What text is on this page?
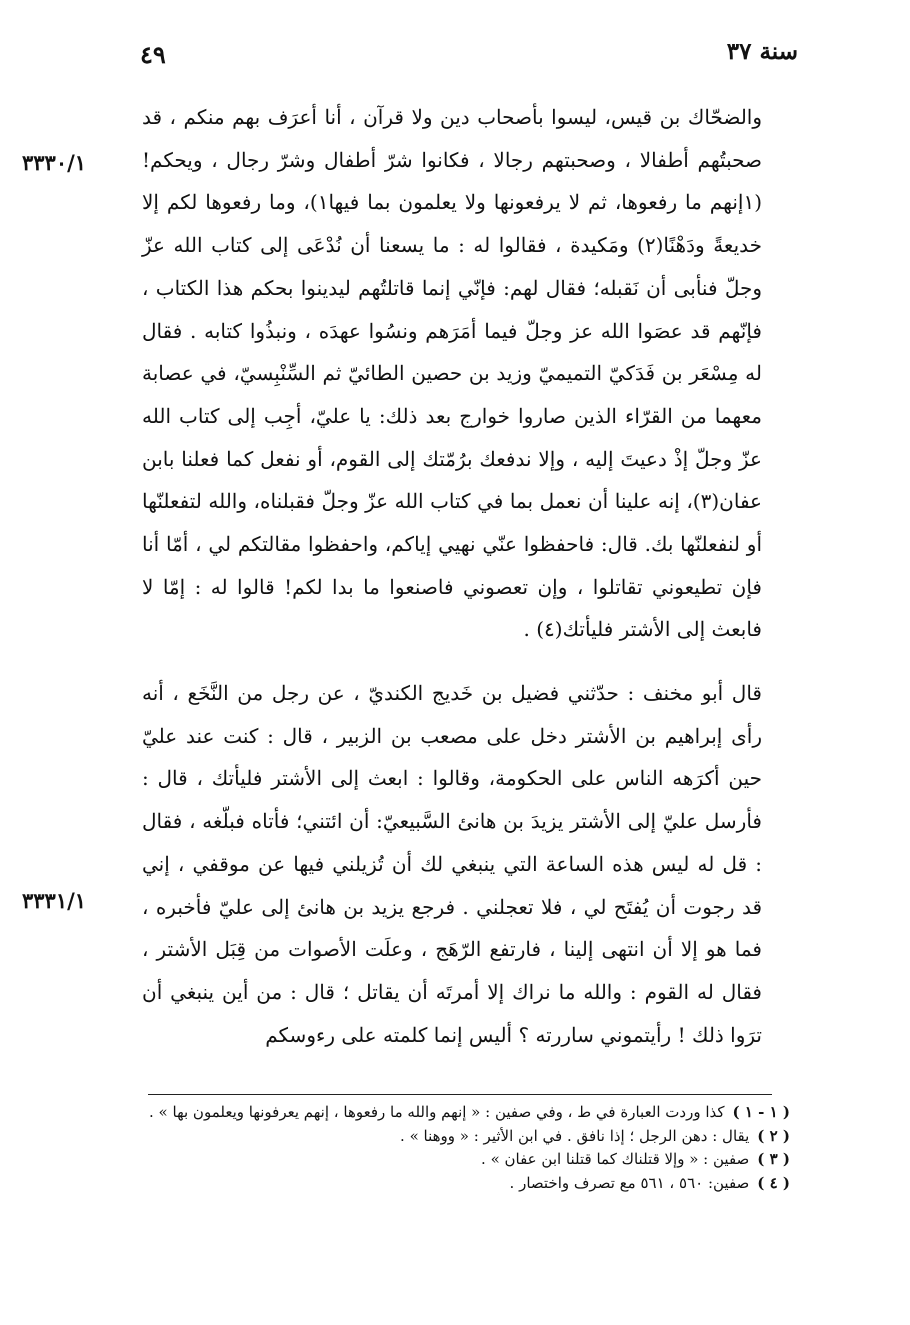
سنة ٣٧
٤٩
٣٣٣٠/١
٣٣٣١/١

والضحّاك بن قيس، ليسوا بأصحاب دين ولا قرآن ، أنا أعرَف بهم منكم ، قد صحبتُهم أطفالا ، وصحبتهم رجالا ، فكانوا شرّ أطفال وشرّ رجال ، ويحكم! (١إنهم ما رفعوها، ثم لا يرفعونها ولا يعلمون بما فيها١)، وما رفعوها لكم إلا خديعةً ودَهْنًا(٢) ومَكيدة ، فقالوا له : ما يسعنا أن نُدْعَى إلى كتاب الله عزّ وجلّ فنأبى أن نَقبله؛ فقال لهم: فإنّي إنما قاتلتُهم ليدينوا بحكم هذا الكتاب ، فإنّهم قد عصَوا الله عز وجلّ فيما أمَرَهم ونسُوا عهدَه ، ونبذُوا كتابه . فقال له مِسْعَر بن فَدَكيّ التميميّ وزيد بن حصين الطائيّ ثم السِّنْبِسيّ، في عصابة معهما من القرّاء الذين صاروا خوارج بعد ذلك: يا عليّ، أجِب إلى كتاب الله عزّ وجلّ إذْ دعيتَ إليه ، وإلا ندفعك برُمّتك إلى القوم، أو نفعل كما فعلنا بابن عفان(٣)، إنه علينا أن نعمل بما في كتاب الله عزّ وجلّ فقبلناه، والله لتفعلنّها أو لنفعلنّها بك. قال: فاحفظوا عنّي نهيي إياكم، واحفظوا مقالتكم لي ، أمّا أنا فإن تطيعوني تقاتلوا ، وإن تعصوني فاصنعوا ما بدا لكم! قالوا له : إمّا لا فابعث إلى الأشتر فليأتك(٤) .

قال أبو مخنف : حدّثني فضيل بن خَديج الكنديّ ، عن رجل من النَّخَع ، أنه رأى إبراهيم بن الأشتر دخل على مصعب بن الزبير ، قال : كنت عند عليّ حين أكرَهه الناس على الحكومة، وقالوا : ابعث إلى الأشتر فليأتك ، قال : فأرسل عليّ إلى الأشتر يزيدَ بن هانئ السَّبيعيّ: أن ائتني؛ فأتاه فبلّغه ، فقال : قل له ليس هذه الساعة التي ينبغي لك أن تُزيلني فيها عن موقفي ، إني قد رجوت أن يُفتَح لي ، فلا تعجلني . فرجع يزيد بن هانئ إلى عليّ فأخبره ، فما هو إلا أن انتهى إلينا ، فارتفع الرّهَج ، وعلَت الأصوات من قِبَل الأشتر ، فقال له القوم : والله ما نراك إلا أمرتَه أن يقاتل ؛ قال : من أين ينبغي أن ترَوا ذلك ! رأيتموني ساررته ؟ أليس إنما كلمته على رءوسكم

( ١ - ١ )كذا وردت العبارة في ط ، وفي صفين : « إنهم والله ما رفعوها ، إنهم يعرفونها ويعلمون بها » .
( ٢ )يقال : دهن الرجل ؛ إذا نافق . في ابن الأثير : « ووهنا » .
( ٣ )صفين : « وإلا قتلناك كما قتلنا ابن عفان » .
( ٤ )صفين: ٥٦٠ ، ٥٦١ مع تصرف واختصار .
